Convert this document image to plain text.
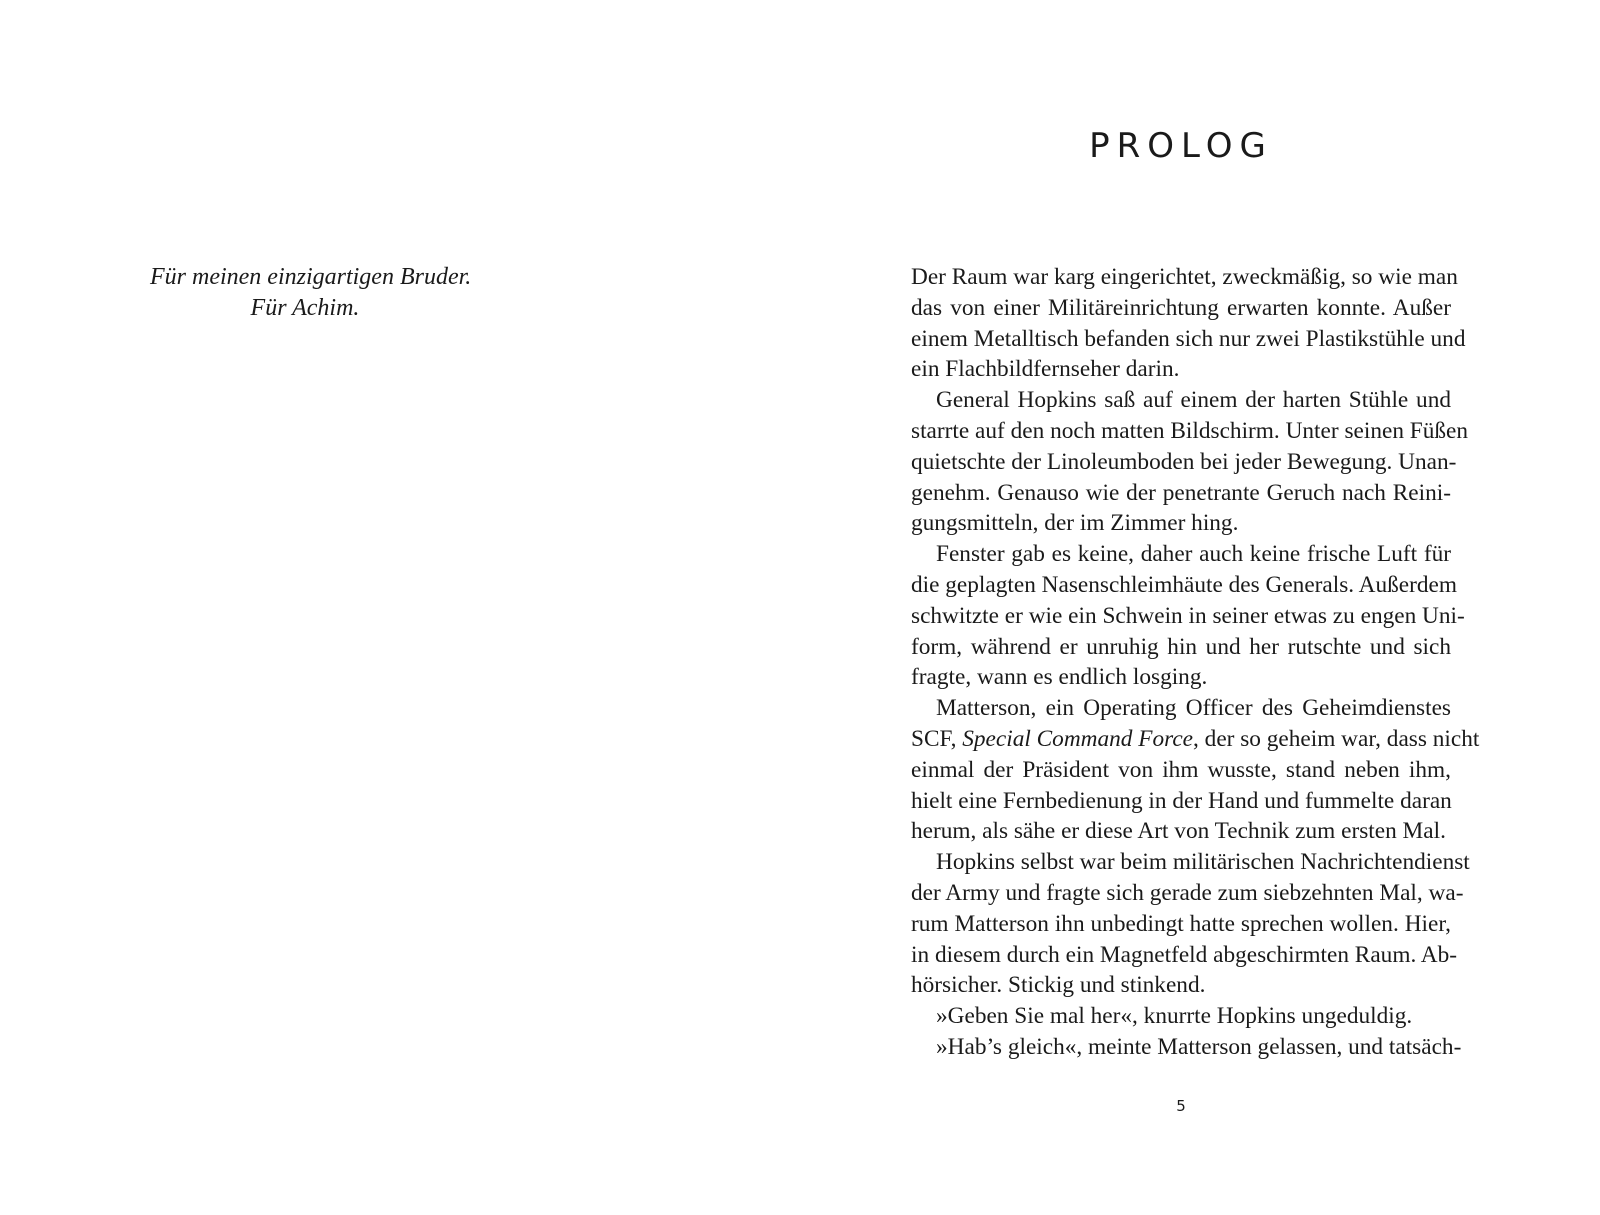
Für meinen einzigartigen Bruder.
Für Achim.
PROLOG
Der Raum war karg eingerichtet, zweckmäßig, so wie man
das von einer Militäreinrichtung erwarten konnte. Außer
einem Metalltisch befanden sich nur zwei Plastikstühle und
ein Flachbildfernseher darin.
General Hopkins saß auf einem der harten Stühle und
starrte auf den noch matten Bildschirm. Unter seinen Füßen
quietschte der Linoleumboden bei jeder Bewegung. Unan-
genehm. Genauso wie der penetrante Geruch nach Reini-
gungsmitteln, der im Zimmer hing.
Fenster gab es keine, daher auch keine frische Luft für
die geplagten Nasenschleimhäute des Generals. Außerdem
schwitzte er wie ein Schwein in seiner etwas zu engen Uni-
form, während er unruhig hin und her rutschte und sich
fragte, wann es endlich losging.
Matterson, ein Operating Officer des Geheimdienstes
SCF, Special Command Force, der so geheim war, dass nicht
einmal der Präsident von ihm wusste, stand neben ihm,
hielt eine Fernbedienung in der Hand und fummelte daran
herum, als sähe er diese Art von Technik zum ersten Mal.
Hopkins selbst war beim militärischen Nachrichtendienst
der Army und fragte sich gerade zum siebzehnten Mal, wa-
rum Matterson ihn unbedingt hatte sprechen wollen. Hier,
in diesem durch ein Magnetfeld abgeschirmten Raum. Ab-
hörsicher. Stickig und stinkend.
»Geben Sie mal her«, knurrte Hopkins ungeduldig.
»Hab’s gleich«, meinte Matterson gelassen, und tatsäch-
5
